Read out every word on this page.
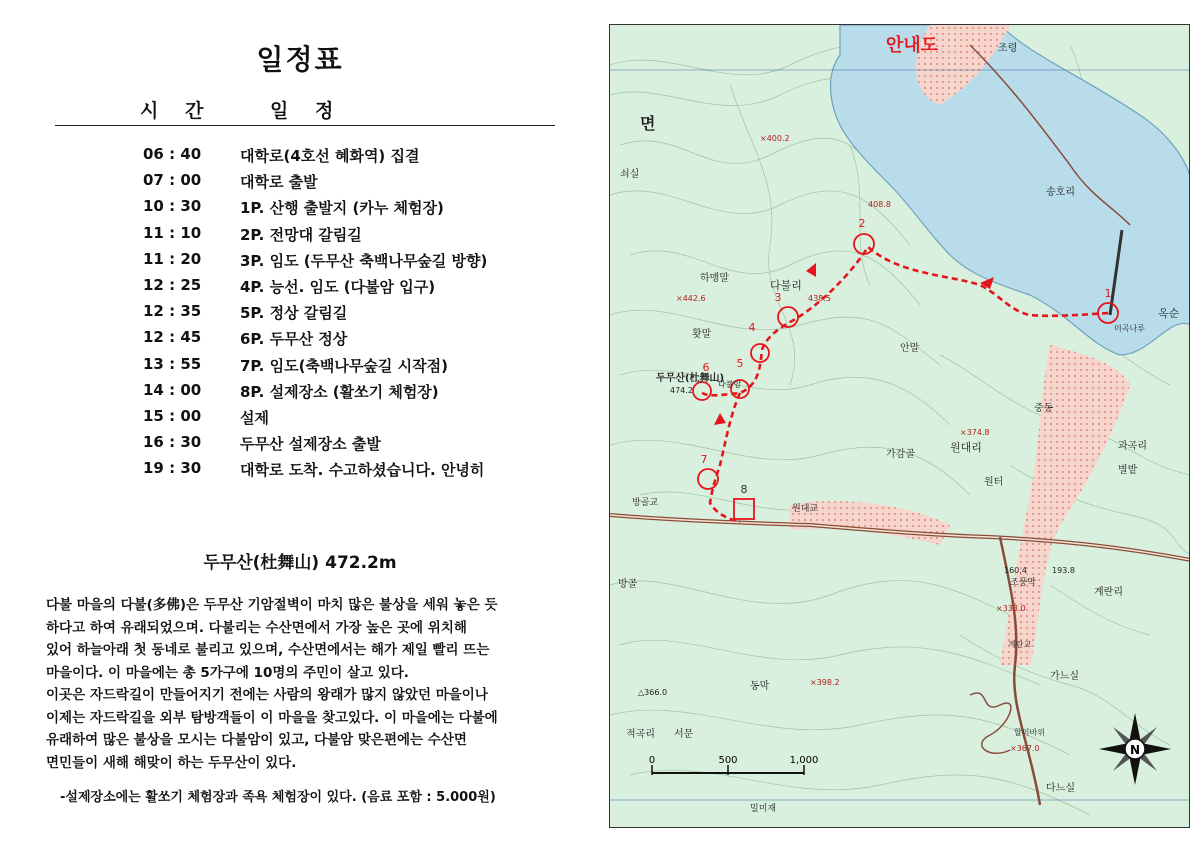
일정표
시 간	일 정
06 : 40	대학로(4호선 혜화역) 집결
07 : 00	대학로 출발
10 : 30	1P. 산행 출발지 (카누 체험장)
11 : 10	2P. 전망대 갈림길
11 : 20	3P. 임도 (두무산 축백나무숲길 방향)
12 : 25	4P. 능선. 임도 (다불암 입구)
12 : 35	5P. 정상 갈림길
12 : 45	6P. 두무산 정상
13 : 55	7P. 임도(축백나무숲길 시작점)
14 : 00	8P. 설제장소 (활쏘기 체험장)
15 : 00	설제
16 : 30	두무산 설제장소 출발
19 : 30	대학로 도착. 수고하셨습니다. 안녕히
두무산(杜舞山) 472.2m
다불 마을의 다불(多佛)은 두무산 기암절벽이 마치 많은 불상을 세워 놓은 듯
하다고 하여 유래되었으며. 다불리는 수산면에서 가장 높은 곳에 위치해
있어 하늘아래 첫 동네로 불리고 있으며, 수산면에서는 해가 제일 빨리 뜨는
마을이다. 이 마을에는 총 5가구에 10명의 주민이 살고 있다.
이곳은 자드락길이 만들어지기 전에는 사람의 왕래가 많지 않았던 마을이나
이제는 자드락길을 외부 탐방객들이 이 마을을 찾고있다. 이 마을에는 다불에
유래하여 많은 불상을 모시는 다불암이 있고, 다불암 맞은편에는 수산면
면민들이 새해 해맞이 하는 두무산이 있다.
-설제장소에는 활쏘기 체험장과 족욕 체험장이 있다. (음료 포함 : 5.000원)
안내도
1
2
3
4
5
6
7
8
면
조령
송호리
쇠실
하맹말
홧말
다불리
안말
두무산(杜舞山)
다불암
중동
과곡리
별밭
가감골
원대리
원터
방골교
원대교
방골	조풍막
계란리
계란교
가느실
동막
적곡리 서문	할미바위
다느실
미곡나루
옥순
밀미재
×400.2
408.8
×442.6	438.5
474.2
×374.8
160.4	193.8
×333.0
×398.2
△366.0
×367.0
0	500	1,000
N
